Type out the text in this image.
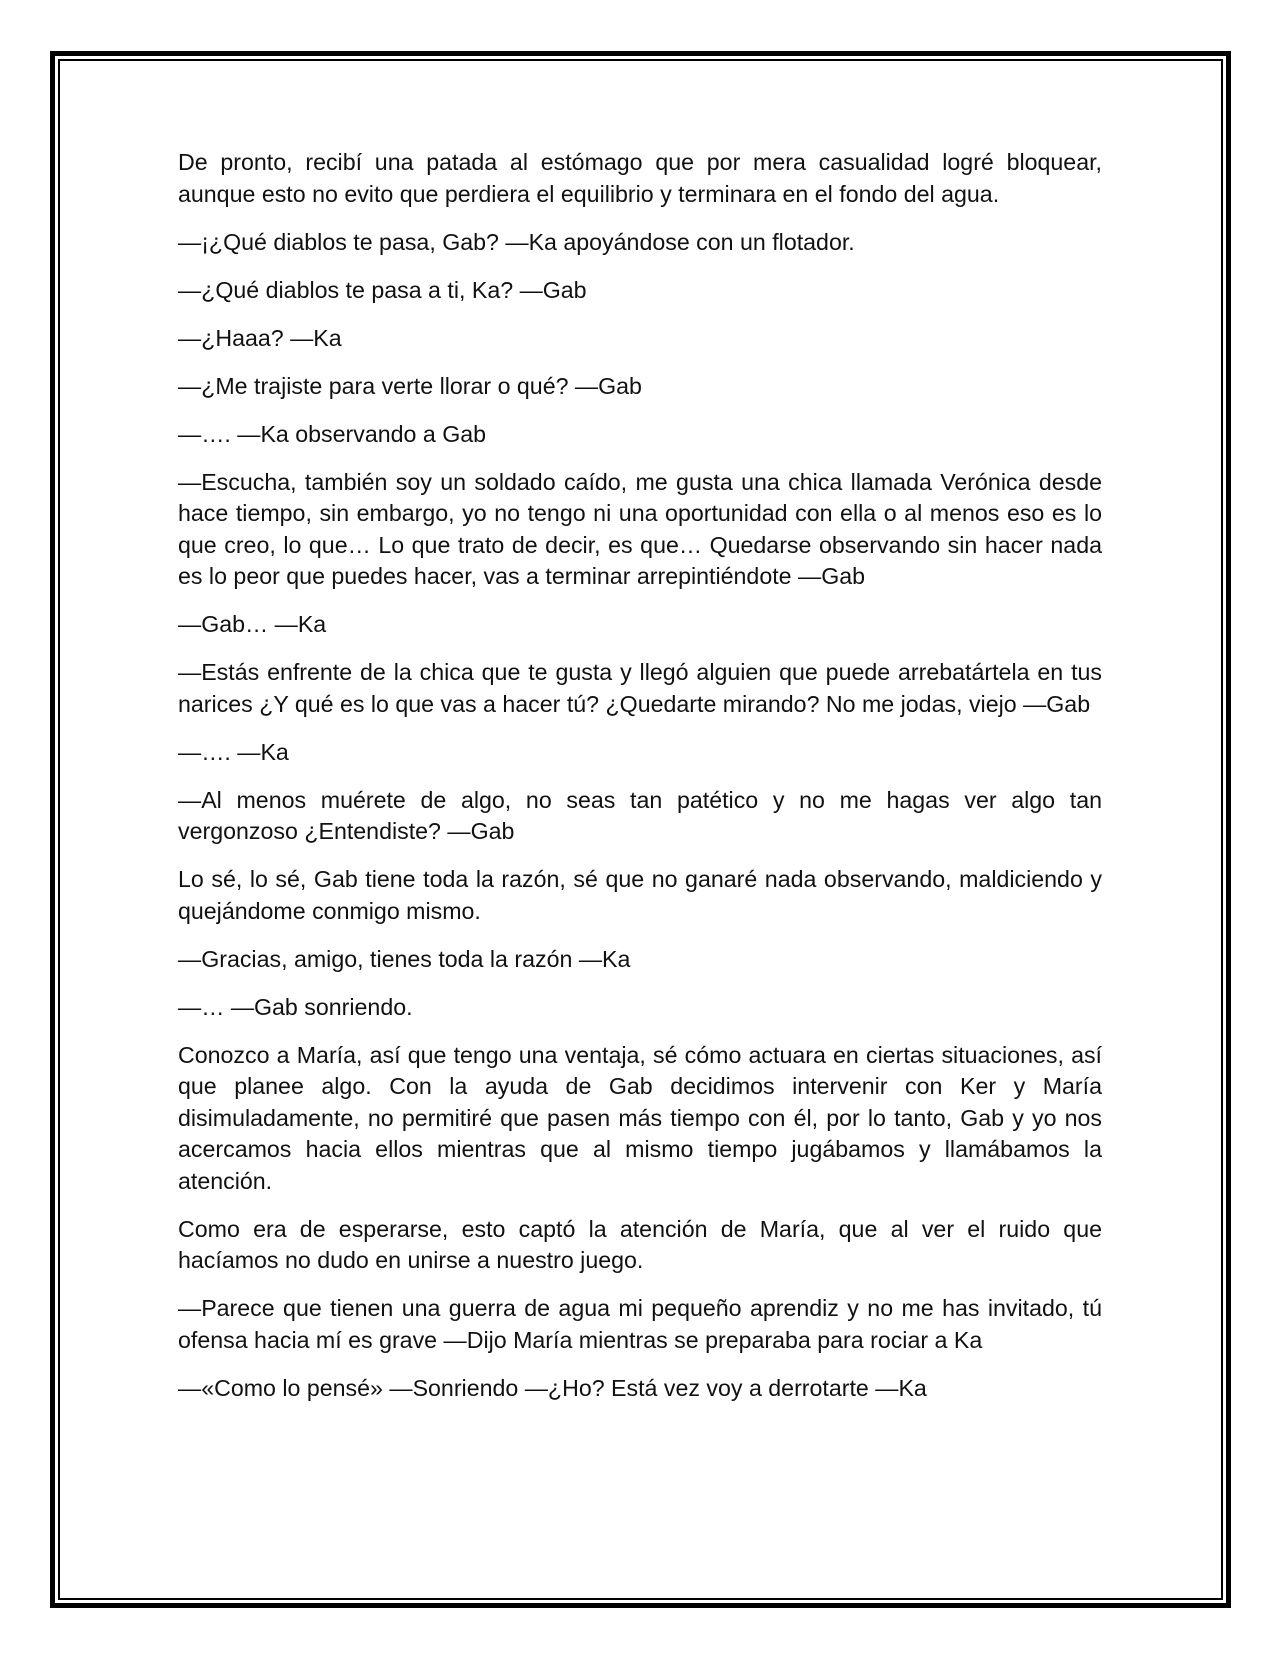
De pronto, recibí una patada al estómago que por mera casualidad logré bloquear, aunque esto no evito que perdiera el equilibrio y terminara en el fondo del agua.

—¡¿Qué diablos te pasa, Gab? —Ka apoyándose con un flotador.

—¿Qué diablos te pasa a ti, Ka? —Gab

—¿Haaa? —Ka

—¿Me trajiste para verte llorar o qué? —Gab

—…. —Ka observando a Gab

—Escucha, también soy un soldado caído, me gusta una chica llamada Verónica desde hace tiempo, sin embargo, yo no tengo ni una oportunidad con ella o al menos eso es lo que creo, lo que… Lo que trato de decir, es que… Quedarse observando sin hacer nada es lo peor que puedes hacer, vas a terminar arrepintiéndote —Gab

—Gab… —Ka

—Estás enfrente de la chica que te gusta y llegó alguien que puede arrebatártela en tus narices ¿Y qué es lo que vas a hacer tú? ¿Quedarte mirando? No me jodas, viejo —Gab

—…. —Ka

—Al menos muérete de algo, no seas tan patético y no me hagas ver algo tan vergonzoso ¿Entendiste? —Gab

Lo sé, lo sé, Gab tiene toda la razón, sé que no ganaré nada observando, maldiciendo y quejándome conmigo mismo.

—Gracias, amigo, tienes toda la razón —Ka

—… —Gab sonriendo.

Conozco a María, así que tengo una ventaja, sé cómo actuara en ciertas situaciones, así que planee algo. Con la ayuda de Gab decidimos intervenir con Ker y María disimuladamente, no permitiré que pasen más tiempo con él, por lo tanto, Gab y yo nos acercamos hacia ellos mientras que al mismo tiempo jugábamos y llamábamos la atención.

Como era de esperarse, esto captó la atención de María, que al ver el ruido que hacíamos no dudo en unirse a nuestro juego.

—Parece que tienen una guerra de agua mi pequeño aprendiz y no me has invitado, tú ofensa hacia mí es grave —Dijo María mientras se preparaba para rociar a Ka

—«Como lo pensé» —Sonriendo —¿Ho? Está vez voy a derrotarte —Ka
